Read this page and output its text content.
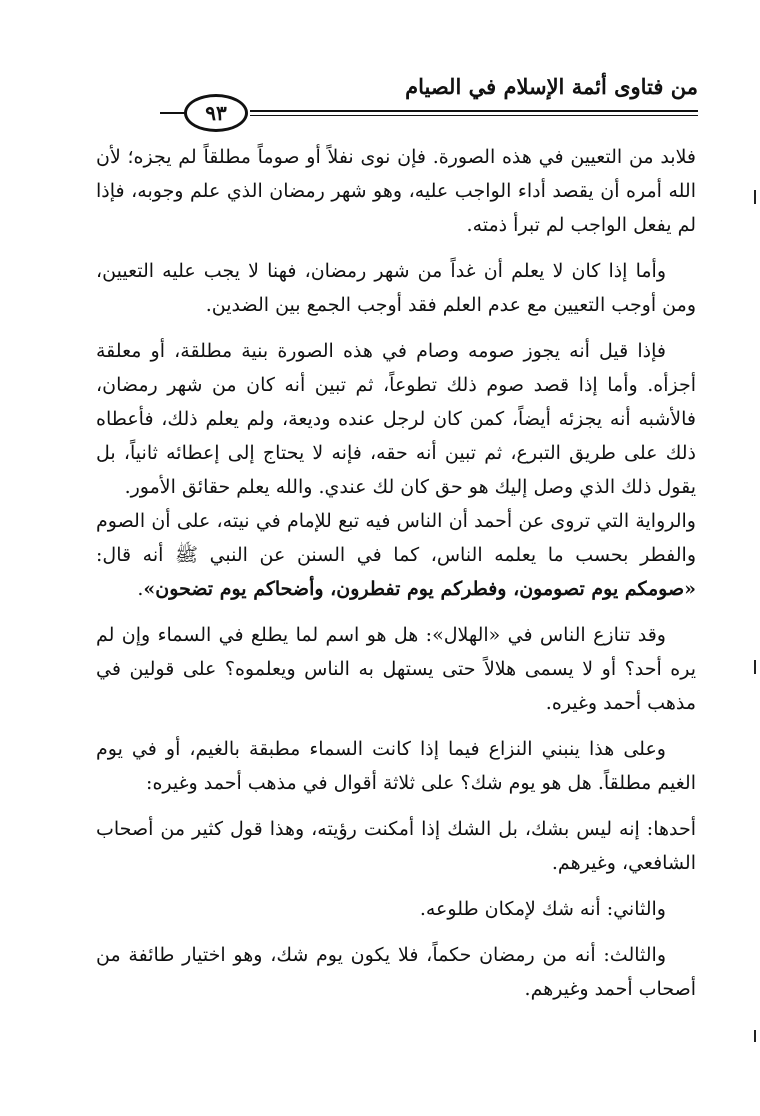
من فتاوى أئمة الإسلام في الصيام
٩٣

فلابد من التعيين في هذه الصورة. فإن نوى نفلاً أو صوماً مطلقاً لم يجزه؛ لأن الله أمره أن يقصد أداء الواجب عليه، وهو شهر رمضان الذي علم وجوبه، فإذا لم يفعل الواجب لم تبرأ ذمته.

وأما إذا كان لا يعلم أن غداً من شهر رمضان، فهنا لا يجب عليه التعيين، ومن أوجب التعيين مع عدم العلم فقد أوجب الجمع بين الضدين.

فإذا قيل أنه يجوز صومه وصام في هذه الصورة بنية مطلقة، أو معلقة أجزأه. وأما إذا قصد صوم ذلك تطوعاً، ثم تبين أنه كان من شهر رمضان، فالأشبه أنه يجزئه أيضاً، كمن كان لرجل عنده وديعة، ولم يعلم ذلك، فأعطاه ذلك على طريق التبرع، ثم تبين أنه حقه، فإنه لا يحتاج إلى إعطائه ثانياً، بل يقول ذلك الذي وصل إليك هو حق كان لك عندي. والله يعلم حقائق الأمور.

والرواية التي تروى عن أحمد أن الناس فيه تبع للإمام في نيته، على أن الصوم والفطر بحسب ما يعلمه الناس، كما في السنن عن النبي ﷺ أنه قال: «صومكم يوم تصومون، وفطركم يوم تفطرون، وأضحاكم يوم تضحون».

وقد تنازع الناس في «الهلال»: هل هو اسم لما يطلع في السماء وإن لم يره أحد؟ أو لا يسمى هلالاً حتى يستهل به الناس ويعلموه؟ على قولين في مذهب أحمد وغيره.

وعلى هذا ينبني النزاع فيما إذا كانت السماء مطبقة بالغيم، أو في يوم الغيم مطلقاً. هل هو يوم شك؟ على ثلاثة أقوال في مذهب أحمد وغيره:

أحدها: إنه ليس بشك، بل الشك إذا أمكنت رؤيته، وهذا قول كثير من أصحاب الشافعي، وغيرهم.

والثاني: أنه شك لإمكان طلوعه.

والثالث: أنه من رمضان حكماً، فلا يكون يوم شك، وهو اختيار طائفة من أصحاب أحمد وغيرهم.
